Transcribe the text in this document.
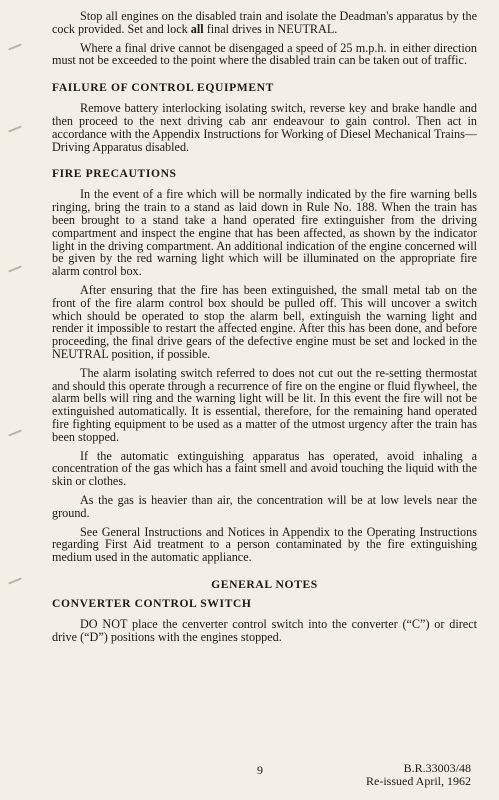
Stop all engines on the disabled train and isolate the Deadman's apparatus by the cock provided. Set and lock all final drives in NEUTRAL.

Where a final drive cannot be disengaged a speed of 25 m.p.h. in either direction must not be exceeded to the point where the disabled train can be taken out of traffic.

FAILURE OF CONTROL EQUIPMENT

Remove battery interlocking isolating switch, reverse key and brake handle and then proceed to the next driving cab anr endeavour to gain control. Then act in accordance with the Appendix Instructions for Working of Diesel Mechanical Trains—Driving Apparatus disabled.

FIRE PRECAUTIONS

In the event of a fire which will be normally indicated by the fire warning bells ringing, bring the train to a stand as laid down in Rule No. 188. When the train has been brought to a stand take a hand operated fire extinguisher from the driving compartment and inspect the engine that has been affected, as shown by the indicator light in the driving compartment. An additional indication of the engine concerned will be given by the red warning light which will be illuminated on the appropriate fire alarm control box.

After ensuring that the fire has been extinguished, the small metal tab on the front of the fire alarm control box should be pulled off. This will uncover a switch which should be operated to stop the alarm bell, extinguish the warning light and render it impossible to restart the affected engine. After this has been done, and before proceeding, the final drive gears of the defective engine must be set and locked in the NEUTRAL position, if possible.

The alarm isolating switch referred to does not cut out the re-setting thermostat and should this operate through a recurrence of fire on the engine or fluid flywheel, the alarm bells will ring and the warning light will be lit. In this event the fire will not be extinguished automatically. It is essential, therefore, for the remaining hand operated fire fighting equipment to be used as a matter of the utmost urgency after the train has been stopped.

If the automatic extinguishing apparatus has operated, avoid inhaling a concentration of the gas which has a faint smell and avoid touching the liquid with the skin or clothes.

As the gas is heavier than air, the concentration will be at low levels near the ground.

See General Instructions and Notices in Appendix to the Operating Instructions regarding First Aid treatment to a person contaminated by the fire extinguishing medium used in the automatic appliance.

GENERAL NOTES
CONVERTER CONTROL SWITCH

DO NOT place the cenverter control switch into the converter (“C”) or direct drive (“D”) positions with the engines stopped.

9	B.R.33003/48
Re-issued April, 1962
